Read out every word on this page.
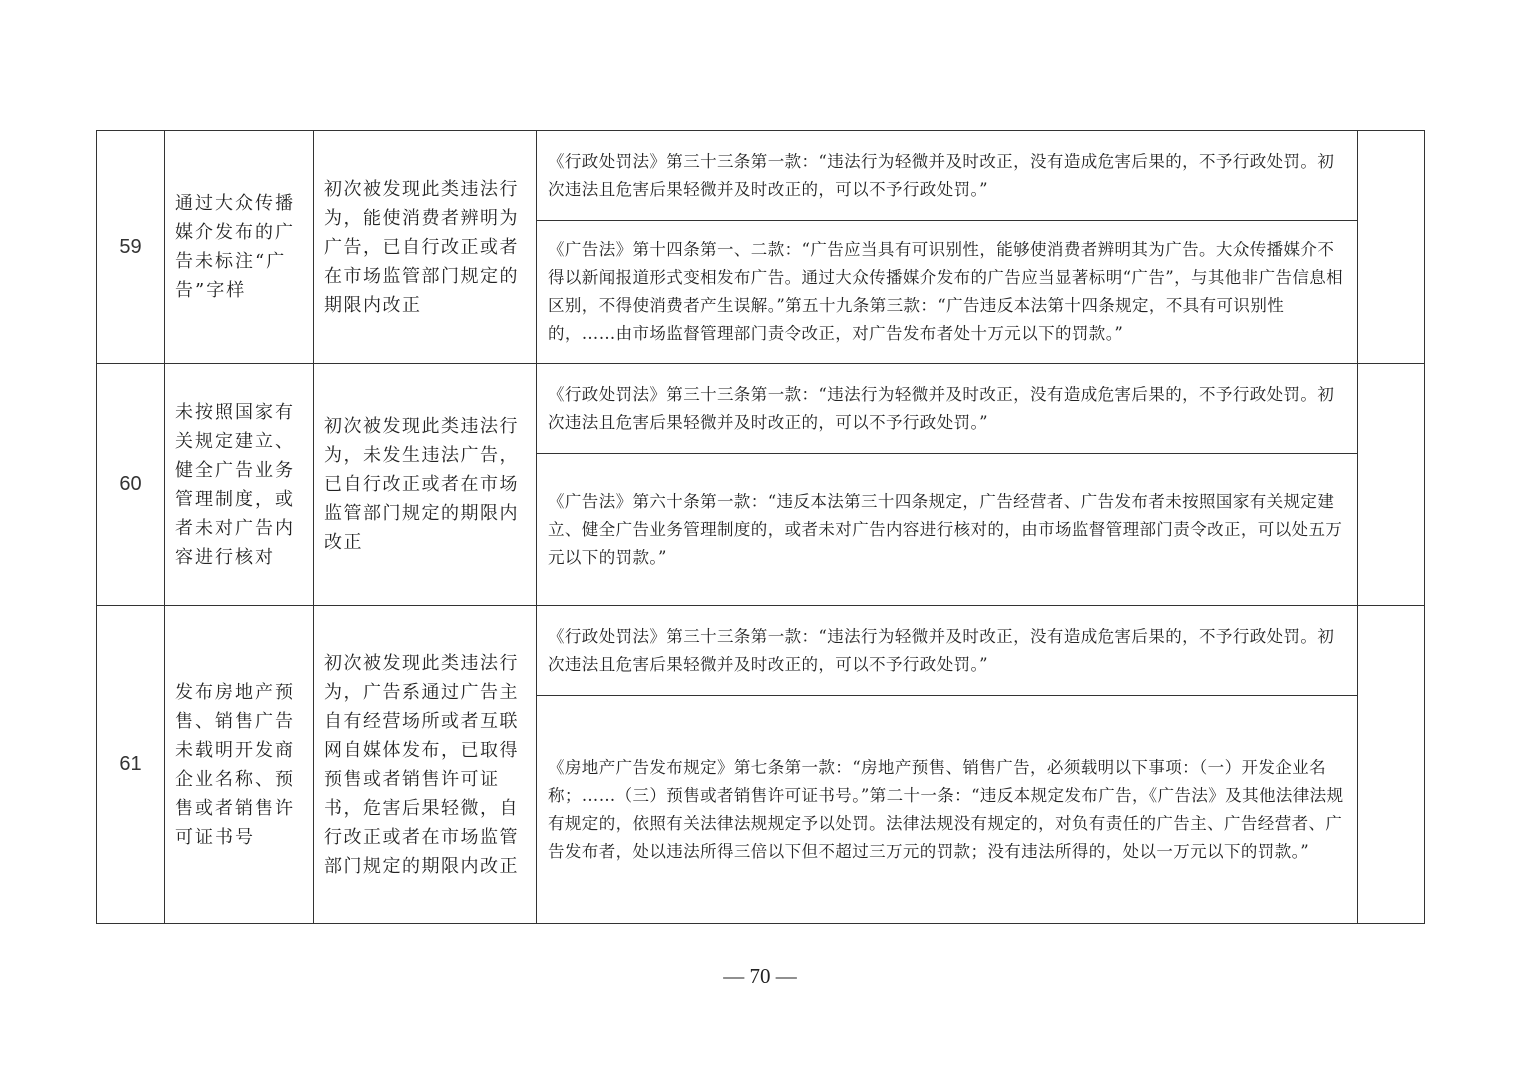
59	通过大众传播媒介发布的广告未标注“广告”字样	初次被发现此类违法行为，能使消费者辨明为广告，已自行改正或者在市场监管部门规定的期限内改正	《行政处罚法》第三十三条第一款：“违法行为轻微并及时改正，没有造成危害后果的，不予行政处罚。初次违法且危害后果轻微并及时改正的，可以不予行政处罚。”	
			《广告法》第十四条第一、二款：“广告应当具有可识别性，能够使消费者辨明其为广告。大众传播媒介不得以新闻报道形式变相发布广告。通过大众传播媒介发布的广告应当显著标明“广告”，与其他非广告信息相区别，不得使消费者产生误解。”第五十九条第三款：“广告违反本法第十四条规定，不具有可识别性的，……由市场监督管理部门责令改正，对广告发布者处十万元以下的罚款。”	
60	未按照国家有关规定建立、健全广告业务管理制度，或者未对广告内容进行核对	初次被发现此类违法行为，未发生违法广告，已自行改正或者在市场监管部门规定的期限内改正	《行政处罚法》第三十三条第一款：“违法行为轻微并及时改正，没有造成危害后果的，不予行政处罚。初次违法且危害后果轻微并及时改正的，可以不予行政处罚。”	
			《广告法》第六十条第一款：“违反本法第三十四条规定，广告经营者、广告发布者未按照国家有关规定建立、健全广告业务管理制度的，或者未对广告内容进行核对的，由市场监督管理部门责令改正，可以处五万元以下的罚款。”	
61	发布房地产预售、销售广告未载明开发商企业名称、预售或者销售许可证书号	初次被发现此类违法行为，广告系通过广告主自有经营场所或者互联网自媒体发布，已取得预售或者销售许可证书，危害后果轻微，自行改正或者在市场监管部门规定的期限内改正	《行政处罚法》第三十三条第一款：“违法行为轻微并及时改正，没有造成危害后果的，不予行政处罚。初次违法且危害后果轻微并及时改正的，可以不予行政处罚。”	
			《房地产广告发布规定》第七条第一款：“房地产预售、销售广告，必须载明以下事项：（一）开发企业名称；……（三）预售或者销售许可证书号。”第二十一条：“违反本规定发布广告，《广告法》及其他法律法规有规定的，依照有关法律法规规定予以处罚。法律法规没有规定的，对负有责任的广告主、广告经营者、广告发布者，处以违法所得三倍以下但不超过三万元的罚款；没有违法所得的，处以一万元以下的罚款。”	
— 70 —
